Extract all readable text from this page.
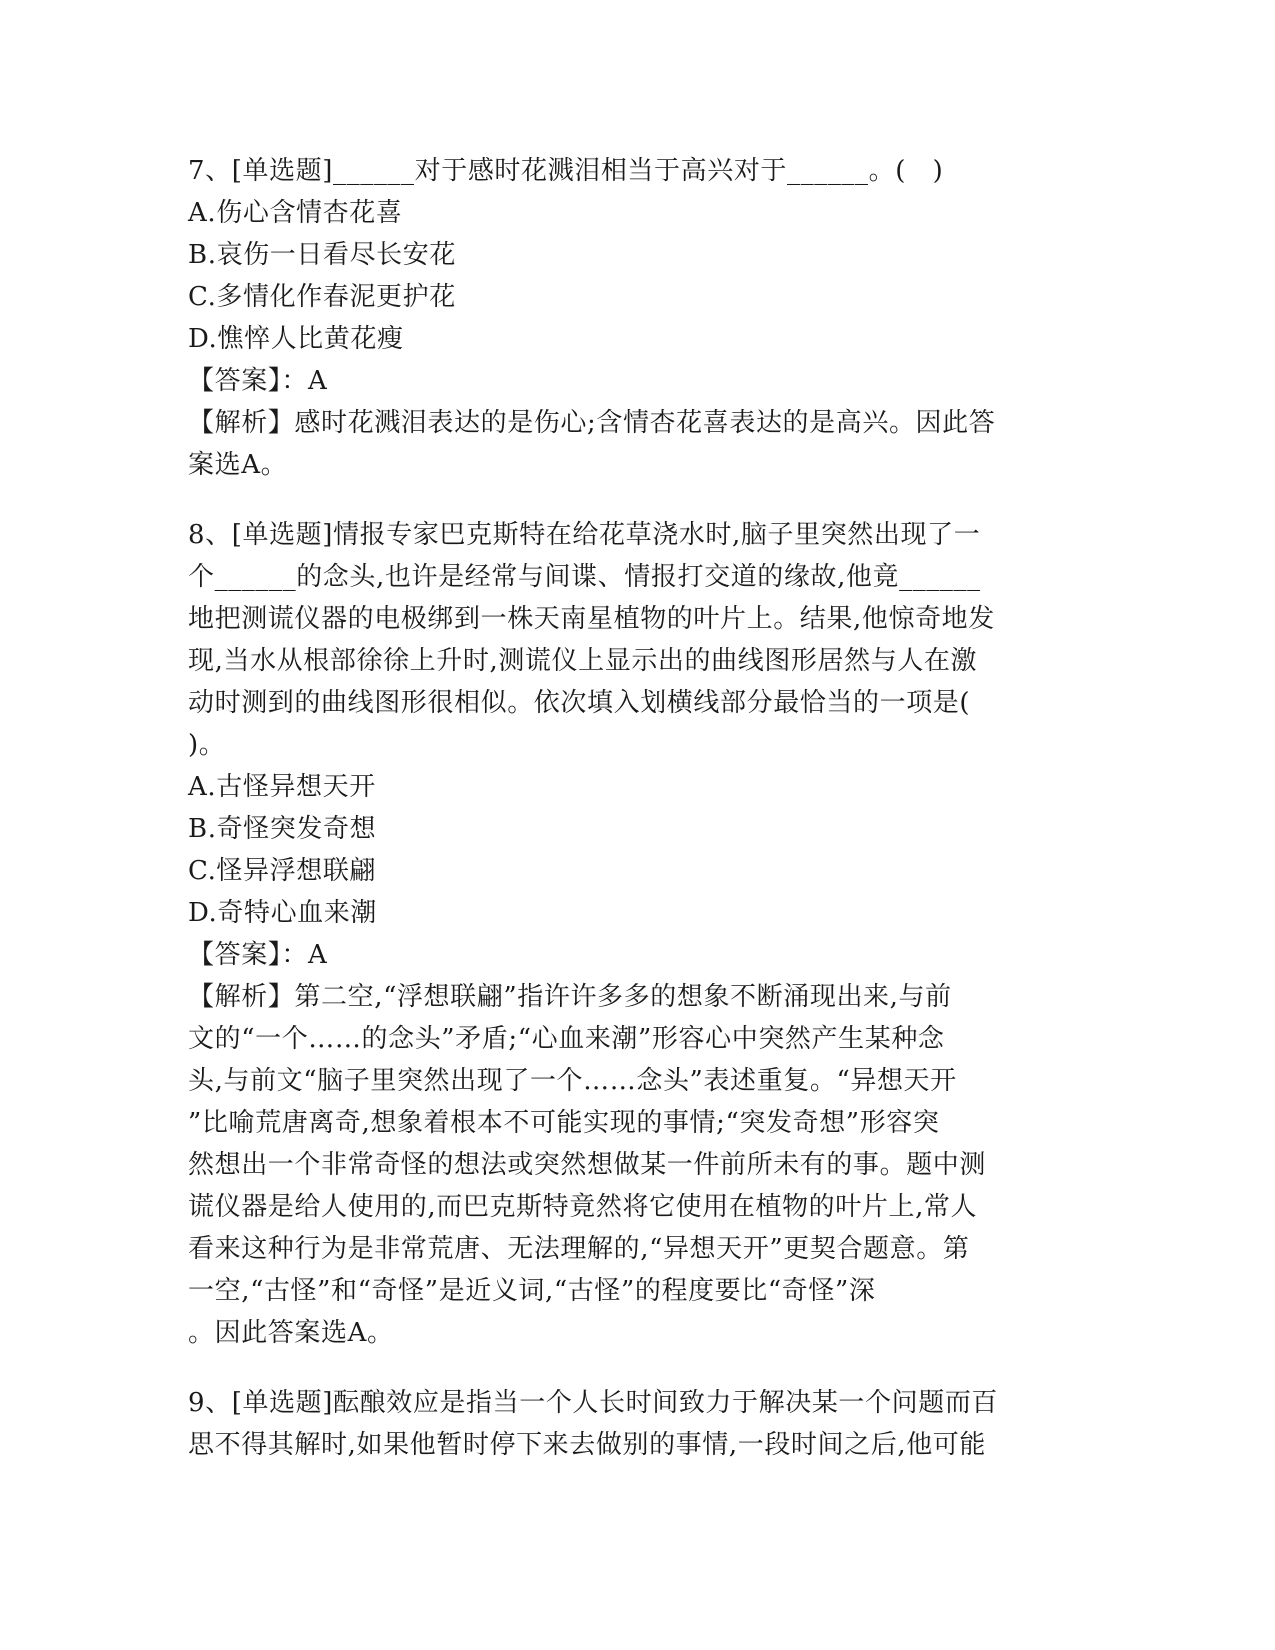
7、[单选题]______对于感时花溅泪相当于高兴对于______。(　)
A.伤心含情杏花喜
B.哀伤一日看尽长安花
C.多情化作春泥更护花
D.憔悴人比黄花瘦
【答案】：A
【解析】感时花溅泪表达的是伤心;含情杏花喜表达的是高兴。因此答
案选A。
8、[单选题]情报专家巴克斯特在给花草浇水时,脑子里突然出现了一
个______的念头,也许是经常与间谍、情报打交道的缘故,他竟______
地把测谎仪器的电极绑到一株天南星植物的叶片上。结果,他惊奇地发
现,当水从根部徐徐上升时,测谎仪上显示出的曲线图形居然与人在激
动时测到的曲线图形很相似。依次填入划横线部分最恰当的一项是(
)。
A.古怪异想天开
B.奇怪突发奇想
C.怪异浮想联翩
D.奇特心血来潮
【答案】：A
【解析】第二空,“浮想联翩”指许许多多的想象不断涌现出来,与前
文的“一个……的念头”矛盾;“心血来潮”形容心中突然产生某种念
头,与前文“脑子里突然出现了一个……念头”表述重复。“异想天开
”比喻荒唐离奇,想象着根本不可能实现的事情;“突发奇想”形容突
然想出一个非常奇怪的想法或突然想做某一件前所未有的事。题中测
谎仪器是给人使用的,而巴克斯特竟然将它使用在植物的叶片上,常人
看来这种行为是非常荒唐、无法理解的,“异想天开”更契合题意。第
一空,“古怪”和“奇怪”是近义词,“古怪”的程度要比“奇怪”深
。因此答案选A。
9、[单选题]酝酿效应是指当一个人长时间致力于解决某一个问题而百
思不得其解时,如果他暂时停下来去做别的事情,一段时间之后,他可能
